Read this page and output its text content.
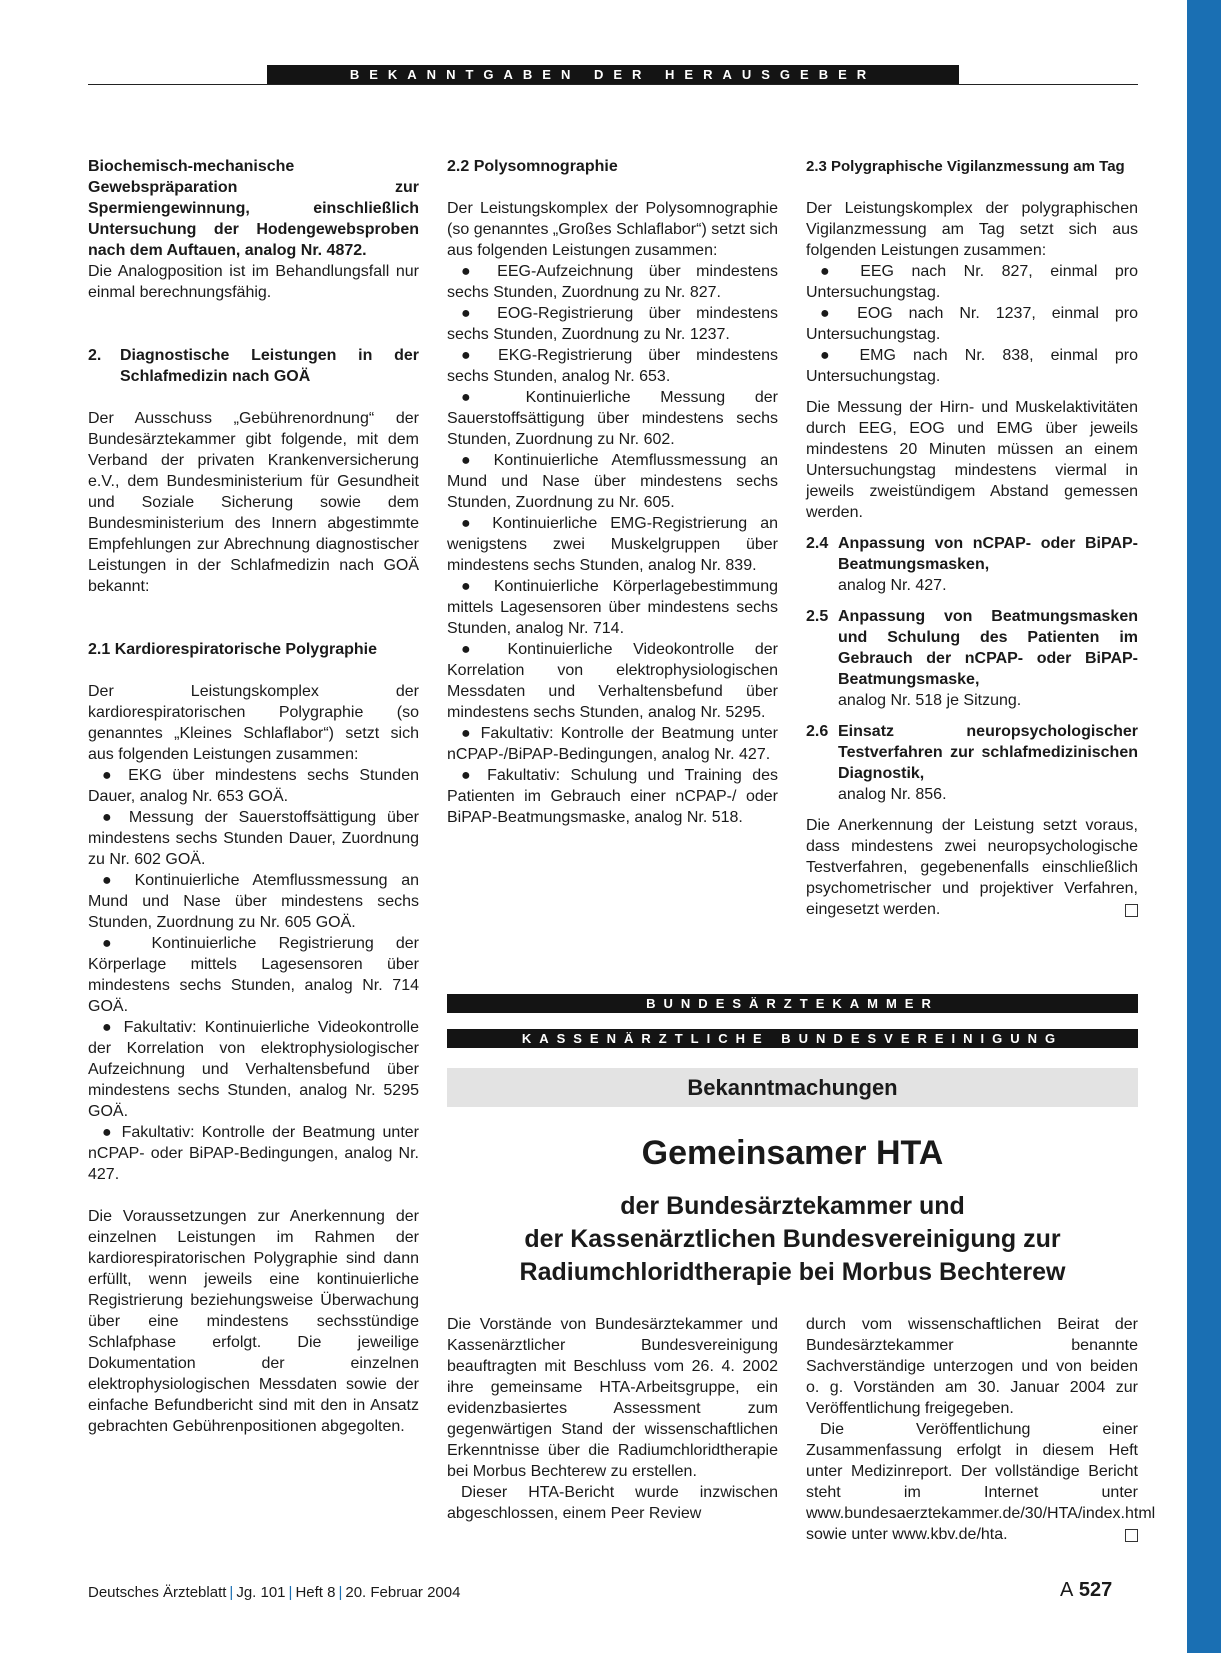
BEKANNTGABEN DER HERAUSGEBER

Biochemisch-mechanische Gewebspräparation zur Spermiengewinnung, einschließlich Untersuchung der Hodengewebsproben nach dem Auftauen, analog Nr. 4872.

Die Analogposition ist im Behandlungsfall nur einmal berechnungsfähig.

2.	Diagnostische Leistungen in der Schlafmedizin nach GOÄ

Der Ausschuss „Gebührenordnung“ der Bundesärztekammer gibt folgende, mit dem Verband der privaten Krankenversicherung e.V., dem Bundesministerium für Gesundheit und Soziale Sicherung sowie dem Bundesministerium des Innern abgestimmte Empfehlungen zur Abrechnung diagnostischer Leistungen in der Schlafmedizin nach GOÄ bekannt:

2.1 Kardiorespiratorische Polygraphie

Der Leistungskomplex der kardiorespiratorischen Polygraphie (so genanntes „Kleines Schlaflabor“) setzt sich aus folgenden Leistungen zusammen:

● EKG über mindestens sechs Stunden Dauer, analog Nr. 653 GOÄ.

● Messung der Sauerstoffsättigung über mindestens sechs Stunden Dauer, Zuordnung zu Nr. 602 GOÄ.

● Kontinuierliche Atemflussmessung an Mund und Nase über mindestens sechs Stunden, Zuordnung zu Nr. 605 GOÄ.

● Kontinuierliche Registrierung der Körperlage mittels Lagesensoren über mindestens sechs Stunden, analog Nr. 714 GOÄ.

● Fakultativ: Kontinuierliche Videokontrolle der Korrelation von elektrophysiologischer Aufzeichnung und Verhaltensbefund über mindestens sechs Stunden, analog Nr. 5295 GOÄ.

● Fakultativ: Kontrolle der Beatmung unter nCPAP- oder BiPAP-Bedingungen, analog Nr. 427.

Die Voraussetzungen zur Anerkennung der einzelnen Leistungen im Rahmen der kardiorespiratorischen Polygraphie sind dann erfüllt, wenn jeweils eine kontinuierliche Registrierung beziehungsweise Überwachung über eine mindestens sechsstündige Schlafphase erfolgt. Die jeweilige Dokumentation der einzelnen elektrophysiologischen Messdaten sowie der einfache Befundbericht sind mit den in Ansatz gebrachten Gebührenpositionen abgegolten.

2.2 Polysomnographie

Der Leistungskomplex der Polysomnographie (so genanntes „Großes Schlaflabor“) setzt sich aus folgenden Leistungen zusammen:

● EEG-Aufzeichnung über mindestens sechs Stunden, Zuordnung zu Nr. 827.

● EOG-Registrierung über mindestens sechs Stunden, Zuordnung zu Nr. 1237.

● EKG-Registrierung über mindestens sechs Stunden, analog Nr. 653.

● Kontinuierliche Messung der Sauerstoffsättigung über mindestens sechs Stunden, Zuordnung zu Nr. 602.

● Kontinuierliche Atemflussmessung an Mund und Nase über mindestens sechs Stunden, Zuordnung zu Nr. 605.

● Kontinuierliche EMG-Registrierung an wenigstens zwei Muskelgruppen über mindestens sechs Stunden, analog Nr. 839.

● Kontinuierliche Körperlagebestimmung mittels Lagesensoren über mindestens sechs Stunden, analog Nr. 714.

● Kontinuierliche Videokontrolle der Korrelation von elektrophysiologischen Messdaten und Verhaltensbefund über mindestens sechs Stunden, analog Nr. 5295.

● Fakultativ: Kontrolle der Beatmung unter nCPAP-/BiPAP-Bedingungen, analog Nr. 427.

● Fakultativ: Schulung und Training des Patienten im Gebrauch einer nCPAP-/ oder BiPAP-Beatmungsmaske, analog Nr. 518.

2.3 Polygraphische Vigilanzmessung am Tag

Der Leistungskomplex der polygraphischen Vigilanzmessung am Tag setzt sich aus folgenden Leistungen zusammen:

● EEG nach Nr. 827, einmal pro Untersuchungstag.

● EOG nach Nr. 1237, einmal pro Untersuchungstag.

● EMG nach Nr. 838, einmal pro Untersuchungstag.

Die Messung der Hirn- und Muskelaktivitäten durch EEG, EOG und EMG über jeweils mindestens 20 Minuten müssen an einem Untersuchungstag mindestens viermal in jeweils zweistündigem Abstand gemessen werden.

2.4 Anpassung von nCPAP- oder BiPAP-Beatmungsmasken,

analog Nr. 427.

2.5 Anpassung von Beatmungsmasken und Schulung des Patienten im Gebrauch der nCPAP- oder BiPAP-Beatmungsmaske,

analog Nr. 518 je Sitzung.

2.6 Einsatz neuropsychologischer Testverfahren zur schlafmedizinischen Diagnostik,

analog Nr. 856.

Die Anerkennung der Leistung setzt voraus, dass mindestens zwei neuropsychologische Testverfahren, gegebenenfalls einschließlich psychometrischer und projektiver Verfahren, eingesetzt werden.

BUNDESÄRZTEKAMMER
KASSENÄRZTLICHE BUNDESVEREINIGUNG
Bekanntmachungen
Gemeinsamer HTA
der Bundesärztekammer und
der Kassenärztlichen Bundesvereinigung zur
Radiumchloridtherapie bei Morbus Bechterew

Die Vorstände von Bundesärztekammer und Kassenärztlicher Bundesvereinigung beauftragten mit Beschluss vom 26. 4. 2002 ihre gemeinsame HTA-Arbeitsgruppe, ein evidenzbasiertes Assessment zum gegenwärtigen Stand der wissenschaftlichen Erkenntnisse über die Radiumchloridtherapie bei Morbus Bechterew zu erstellen.

Dieser HTA-Bericht wurde inzwischen abgeschlossen, einem Peer Review

durch vom wissenschaftlichen Beirat der Bundesärztekammer benannte Sachverständige unterzogen und von beiden o. g. Vorständen am 30. Januar 2004 zur Veröffentlichung freigegeben.

Die Veröffentlichung einer Zusammenfassung erfolgt in diesem Heft unter Medizinreport. Der vollständige Bericht steht im Internet unter www.bundesaerztekammer.de/30/HTA/index.html sowie unter www.kbv.de/hta.

Deutsches Ärzteblatt | Jg. 101 | Heft 8 | 20. Februar 2004	A 527
